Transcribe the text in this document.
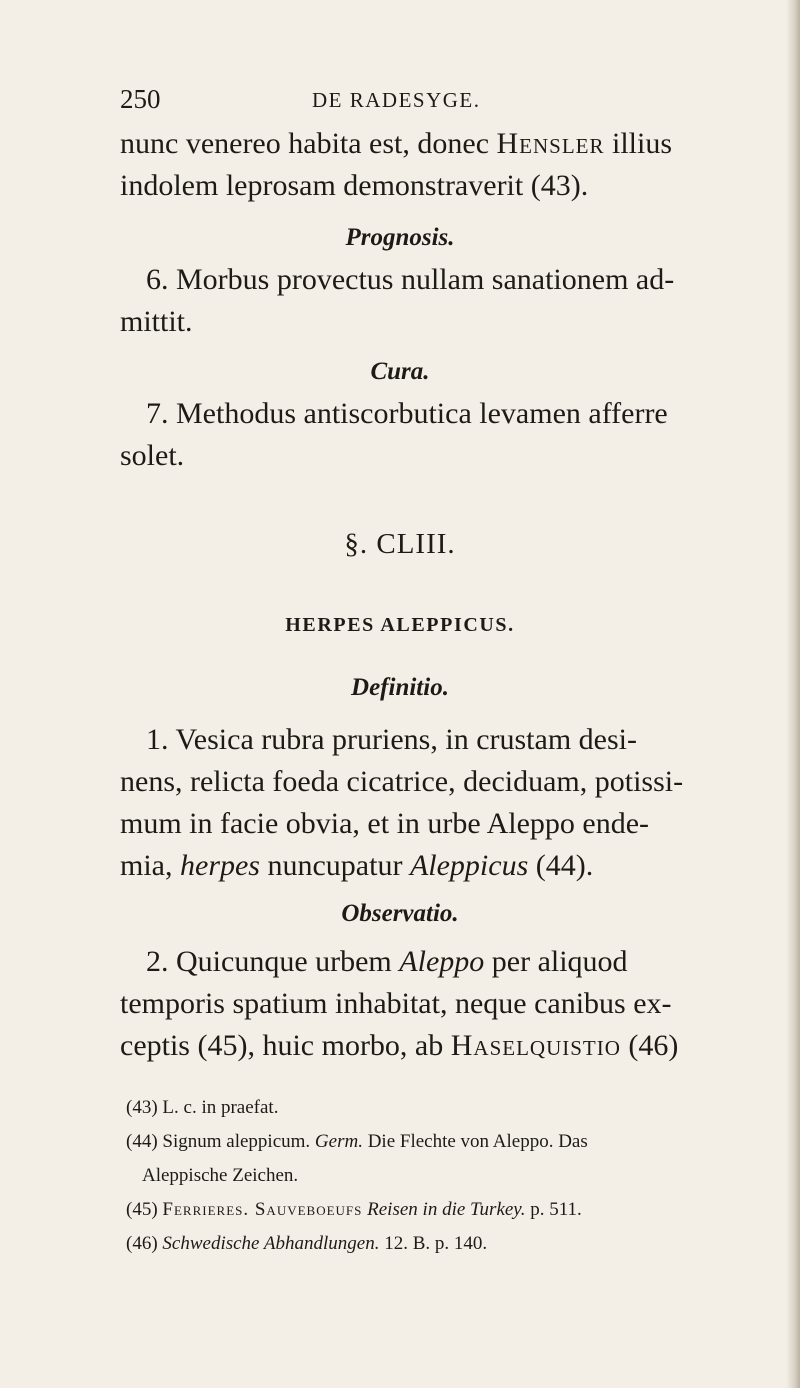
250	DE RADESYGE.
nunc venereo habita est, donec Hensler illius
indolem leprosam demonstraverit (43).
Prognosis.
6. Morbus provectus nullam sanationem ad-
mittit.
Cura.
7. Methodus antiscorbutica levamen afferre
solet.
§. CLIII.
HERPES ALEPPICUS.
Definitio.
1. Vesica rubra pruriens, in crustam desi-
nens, relicta foeda cicatrice, deciduam, potissi-
mum in facie obvia, et in urbe Aleppo ende-
mia, herpes nuncupatur Aleppicus (44).
Observatio.
2. Quicunque urbem Aleppo per aliquod
temporis spatium inhabitat, neque canibus ex-
ceptis (45), huic morbo, ab Haselquistio (46)
(43) L. c. in praefat.
(44) Signum aleppicum. Germ. Die Flechte von Aleppo. Das
Aleppische Zeichen.
(45) Ferrieres. Sauveboeufs Reisen in die Turkey. p. 511.
(46) Schwedische Abhandlungen. 12. B. p. 140.
